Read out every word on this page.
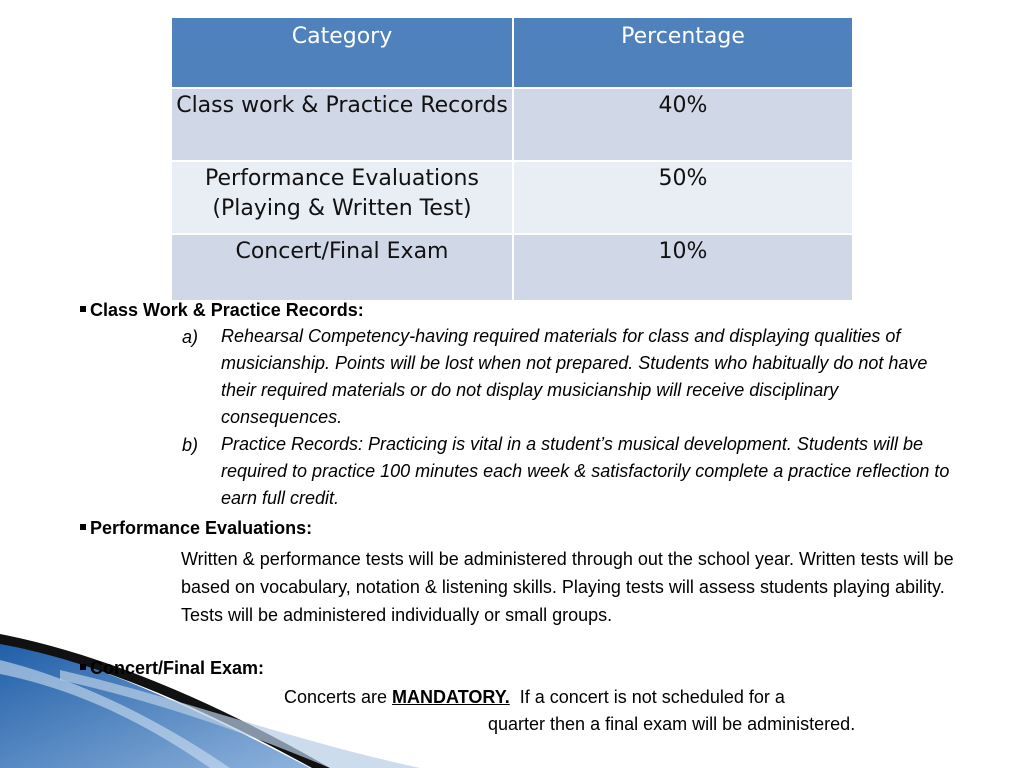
Category	Percentage
Class work & Practice Records	40%
Performance Evaluations (Playing & Written Test)	50%
Concert/Final Exam	10%
Class Work & Practice Records:
a) Rehearsal Competency-having required materials for class and displaying qualities of musicianship. Points will be lost when not prepared. Students who habitually do not have their required materials or do not display musicianship will receive disciplinary consequences.
b) Practice Records: Practicing is vital in a student’s musical development. Students will be required to practice 100 minutes each week & satisfactorily complete a practice reflection to earn full credit.
Performance Evaluations:
Written & performance tests will be administered through out the school year. Written tests will be based on vocabulary, notation & listening skills. Playing tests will assess students playing ability. Tests will be administered individually or small groups.
Concert/Final Exam:
Concerts are MANDATORY.  If a concert is not scheduled for a
quarter then a final exam will be administered.
